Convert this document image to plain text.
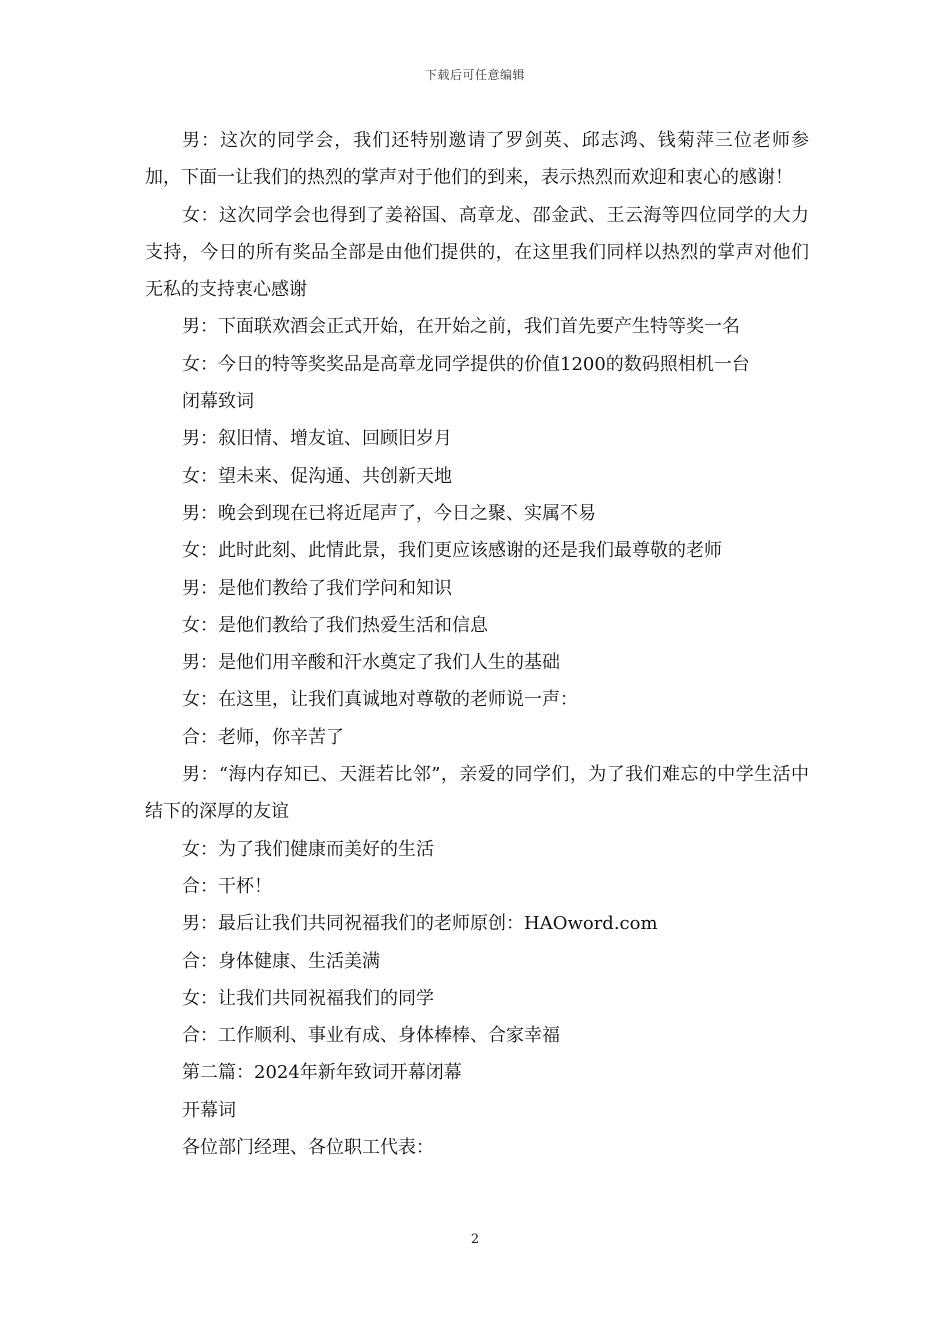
下载后可任意编辑

男：这次的同学会，我们还特别邀请了罗剑英、邱志鸿、钱菊萍三位老师参加，下面一让我们的热烈的掌声对于他们的到来，表示热烈而欢迎和衷心的感谢！

女：这次同学会也得到了姜裕国、高章龙、邵金武、王云海等四位同学的大力支持，今日的所有奖品全部是由他们提供的，在这里我们同样以热烈的掌声对他们无私的支持衷心感谢

男：下面联欢酒会正式开始，在开始之前，我们首先要产生特等奖一名

女：今日的特等奖奖品是高章龙同学提供的价值1200的数码照相机一台

闭幕致词

男：叙旧情、增友谊、回顾旧岁月

女：望未来、促沟通、共创新天地

男：晚会到现在已将近尾声了，今日之聚、实属不易

女：此时此刻、此情此景，我们更应该感谢的还是我们最尊敬的老师

男：是他们教给了我们学问和知识

女：是他们教给了我们热爱生活和信息

男：是他们用辛酸和汗水奠定了我们人生的基础

女：在这里，让我们真诚地对尊敬的老师说一声：

合：老师，你辛苦了

男：“海内存知已、天涯若比邻”，亲爱的同学们，为了我们难忘的中学生活中结下的深厚的友谊

女：为了我们健康而美好的生活

合：干杯！

男：最后让我们共同祝福我们的老师原创：HAOword.com

合：身体健康、生活美满

女：让我们共同祝福我们的同学

合：工作顺利、事业有成、身体棒棒、合家幸福

第二篇：2024年新年致词开幕闭幕

开幕词

各位部门经理、各位职工代表：

2
